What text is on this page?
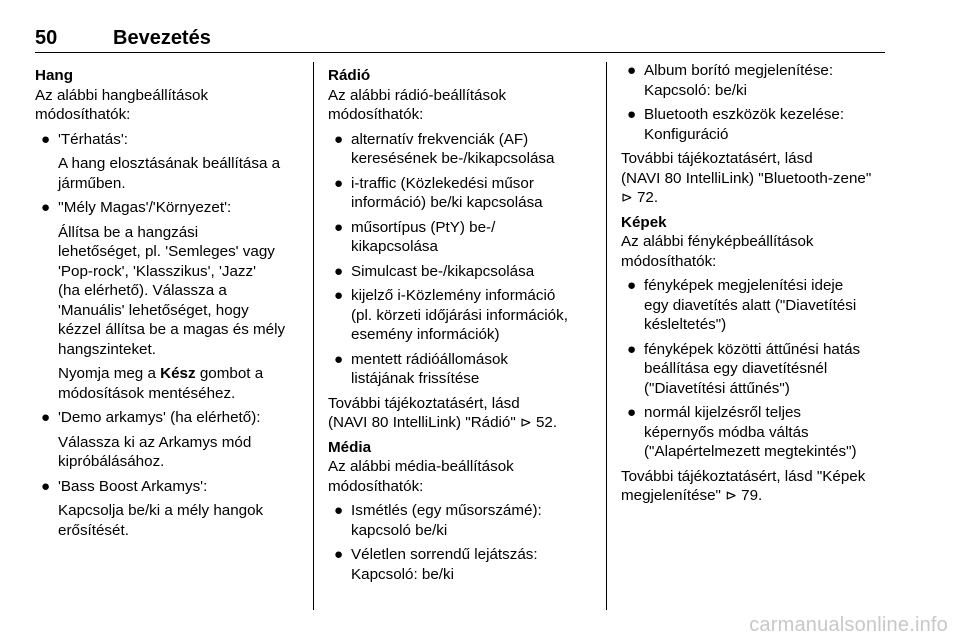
50	Bevezetés
Hang
Az alábbi hangbeállítások
módosíthatók:
● 'Térhatás':
A hang elosztásának beállítása a
járműben.
● ''Mély Magas'/'Környezet':
Állítsa be a hangzási
lehetőséget, pl. 'Semleges' vagy
'Pop-rock', 'Klasszikus', 'Jazz'
(ha elérhető). Válassza a
'Manuális' lehetőséget, hogy
kézzel állítsa be a magas és mély
hangszinteket.
Nyomja meg a Kész gombot a
módosítások mentéséhez.
● 'Demo arkamys' (ha elérhető):
Válassza ki az Arkamys mód
kipróbálásához.
● 'Bass Boost Arkamys':
Kapcsolja be/ki a mély hangok
erősítését.
Rádió
Az alábbi rádió-beállítások
módosíthatók:
● alternatív frekvenciák (AF)
keresésének be-/kikapcsolása
● i-traffic (Közlekedési műsor
információ) be/ki kapcsolása
● műsortípus (PtY) be-/
kikapcsolása
● Simulcast be-/kikapcsolása
● kijelző i-Közlemény információ
(pl. körzeti időjárási információk,
esemény információk)
● mentett rádióállomások
listájának frissítése
További tájékoztatásért, lásd
(NAVI 80 IntelliLink) "Rádió" ⊳ 52.
Média
Az alábbi média-beállítások
módosíthatók:
● Ismétlés (egy műsorszámé):
kapcsoló be/ki
● Véletlen sorrendű lejátszás:
Kapcsoló: be/ki
● Album borító megjelenítése:
Kapcsoló: be/ki
● Bluetooth eszközök kezelése:
Konfiguráció
További tájékoztatásért, lásd
(NAVI 80 IntelliLink) "Bluetooth-zene"
⊳ 72.
Képek
Az alábbi fényképbeállítások
módosíthatók:
● fényképek megjelenítési ideje
egy diavetítés alatt ("Diavetítési
késleltetés")
● fényképek közötti áttűnési hatás
beállítása egy diavetítésnél
("Diavetítési áttűnés")
● normál kijelzésről teljes
képernyős módba váltás
("Alapértelmezett megtekintés")
További tájékoztatásért, lásd "Képek
megjelenítése" ⊳ 79.
carmanualsonline.info
